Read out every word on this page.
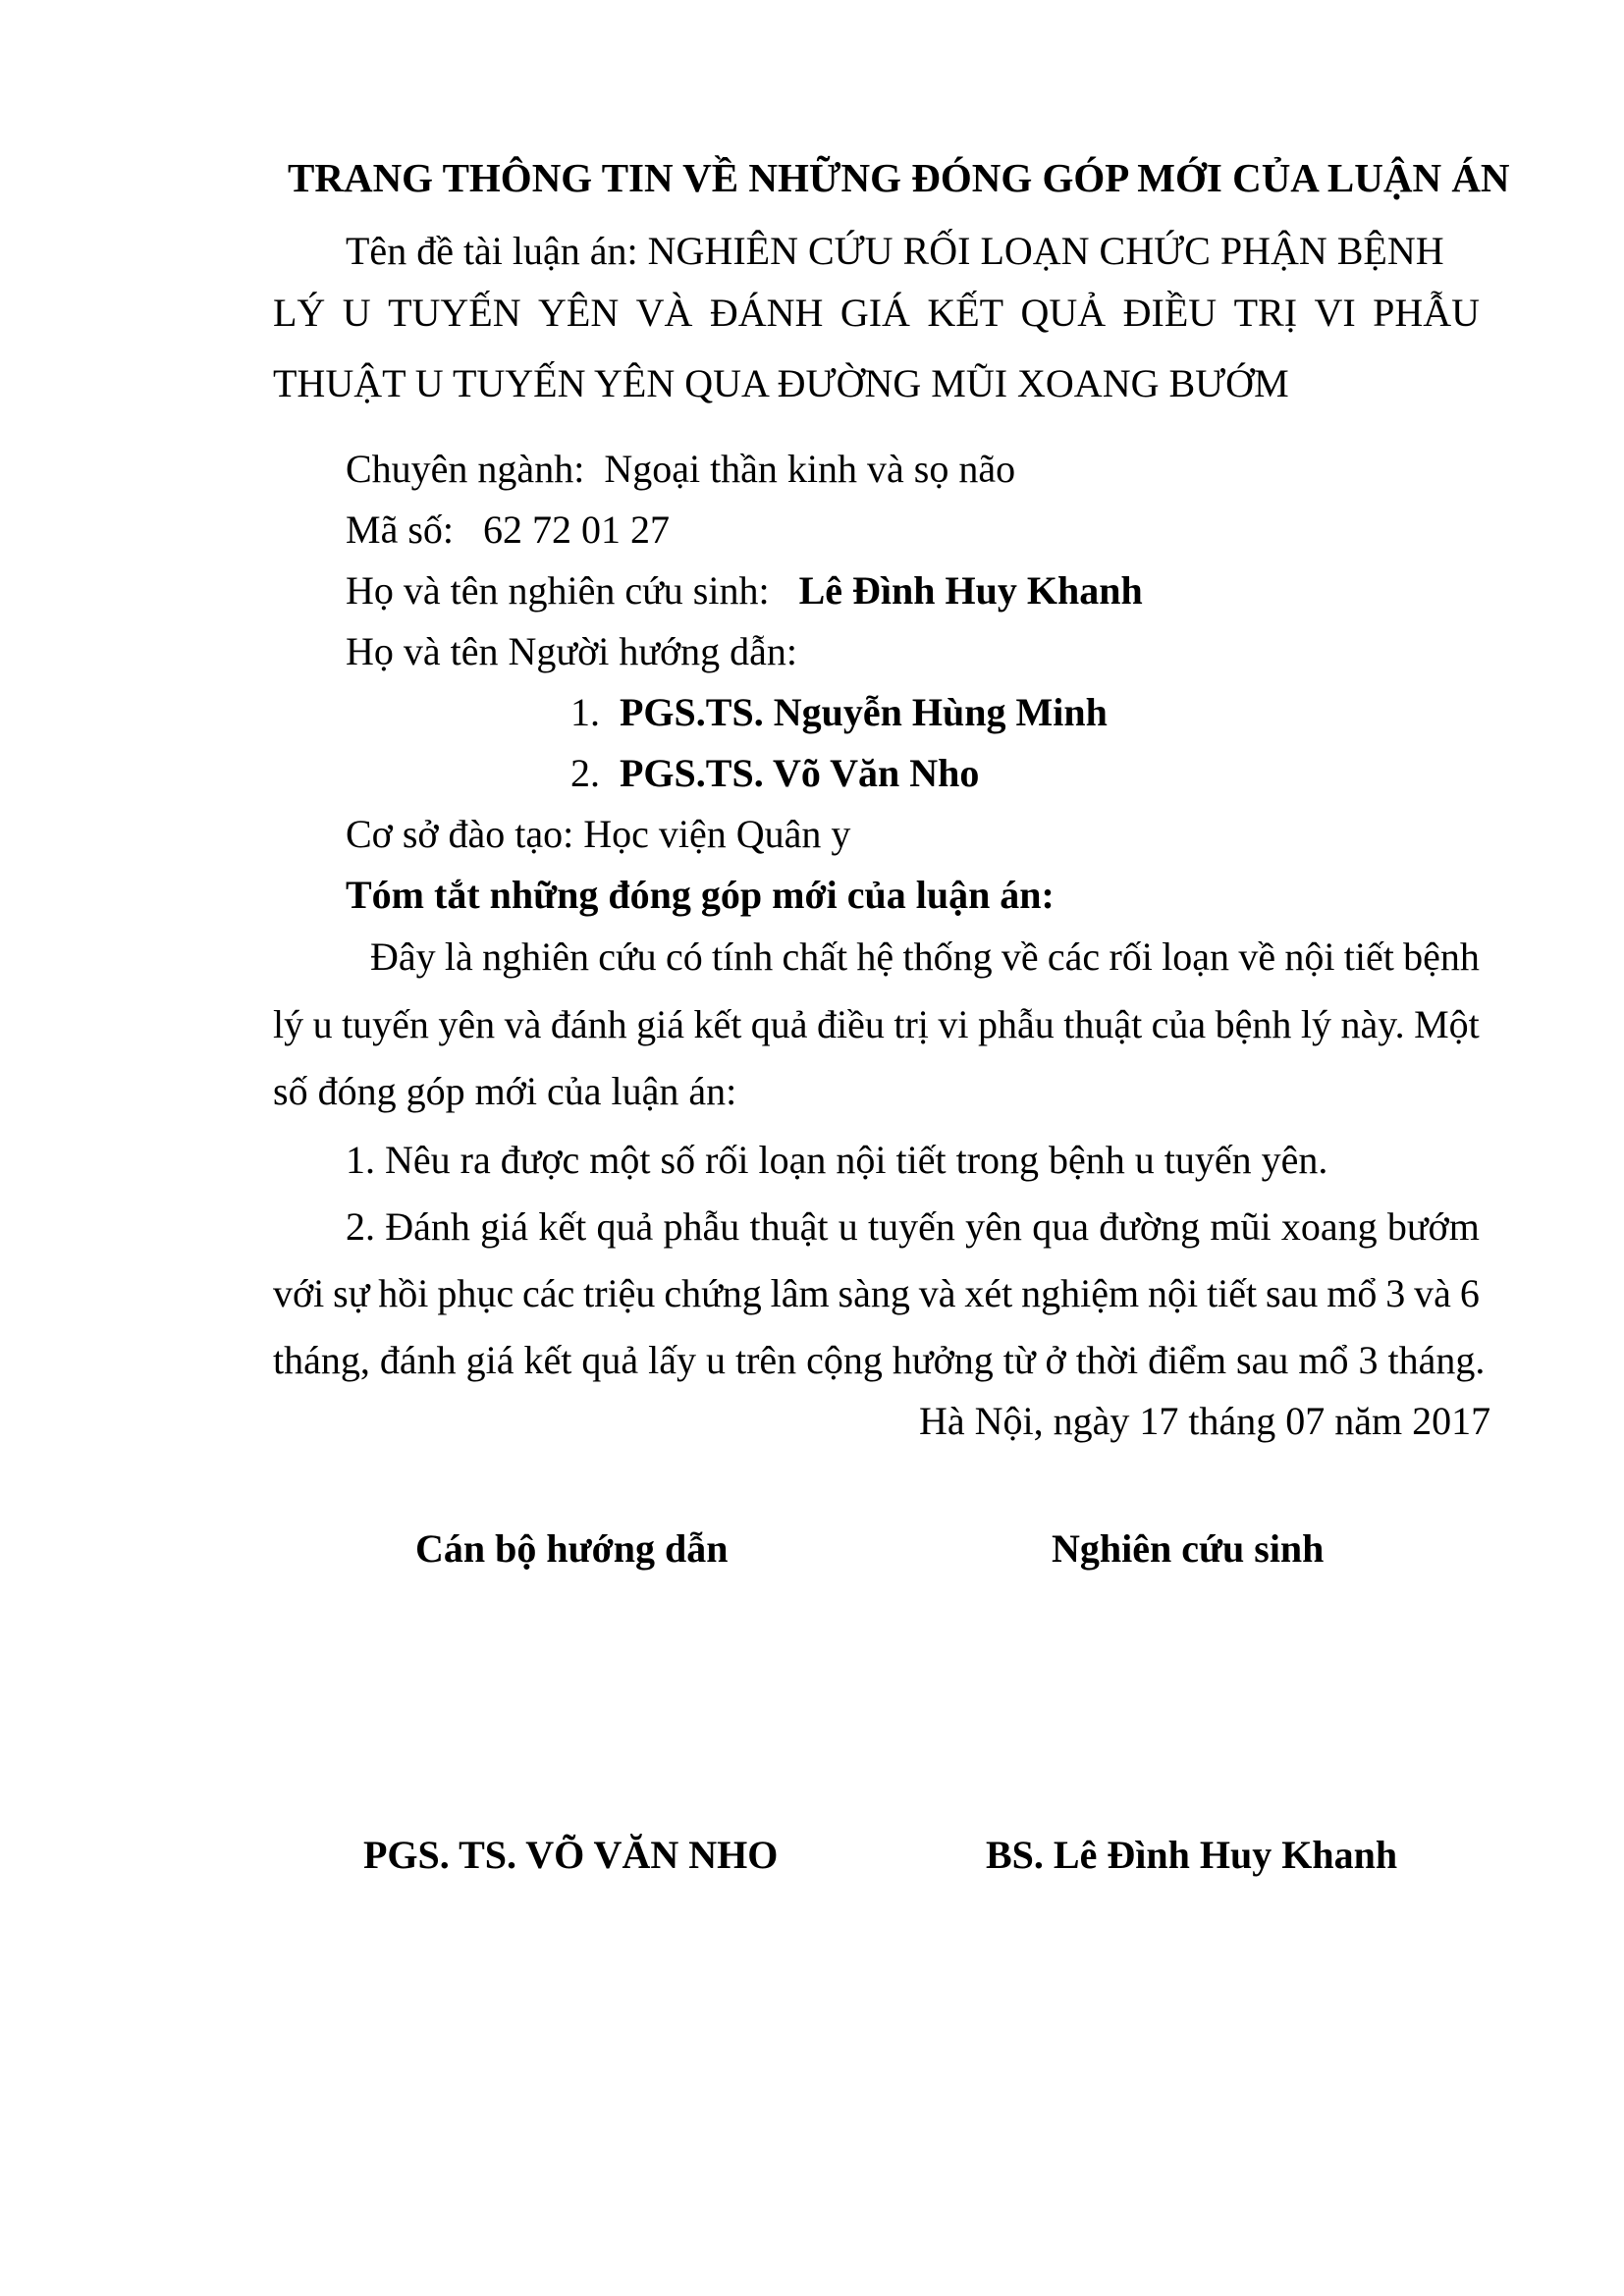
TRANG THÔNG TIN VỀ NHỮNG ĐÓNG GÓP MỚI CỦA LUẬN ÁN
Tên đề tài luận án: NGHIÊN CỨU RỐI LOẠN CHỨC PHẬN BỆNH
LÝ U TUYẾN YÊN VÀ ĐÁNH GIÁ KẾT QUẢ ĐIỀU TRỊ VI PHẪU
THUẬT U TUYẾN YÊN QUA ĐƯỜNG MŨI XOANG BƯỚM
Chuyên ngành: Ngoại thần kinh và sọ não
Mã số: 62 72 01 27
Họ và tên nghiên cứu sinh: Lê Đình Huy Khanh
Họ và tên Người hướng dẫn:
1. PGS.TS. Nguyễn Hùng Minh
2. PGS.TS. Võ Văn Nho
Cơ sở đào tạo: Học viện Quân y
Tóm tắt những đóng góp mới của luận án:
Đây là nghiên cứu có tính chất hệ thống về các rối loạn về nội tiết bệnh
lý u tuyến yên và đánh giá kết quả điều trị vi phẫu thuật của bệnh lý này. Một
số đóng góp mới của luận án:
1. Nêu ra được một số rối loạn nội tiết trong bệnh u tuyến yên.
2. Đánh giá kết quả phẫu thuật u tuyến yên qua đường mũi xoang bướm
với sự hồi phục các triệu chứng lâm sàng và xét nghiệm nội tiết sau mổ 3 và 6
tháng, đánh giá kết quả lấy u trên cộng hưởng từ ở thời điểm sau mổ 3 tháng.
Hà Nội, ngày 17 tháng 07 năm 2017
Cán bộ hướng dẫn	Nghiên cứu sinh
PGS. TS. VÕ VĂN NHO	BS. Lê Đình Huy Khanh
